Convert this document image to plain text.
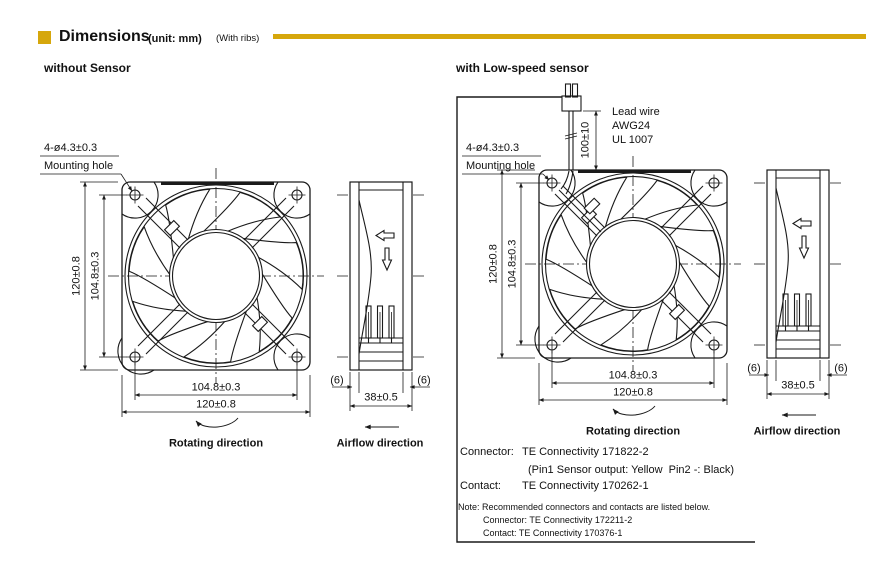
Dimensions
(unit: mm) (With ribs)
without Sensor	with Low-speed sensor
4-ø4.3±0.3
Mounting hole
120±0.8 104.8±0.3
104.8±0.3
120±0.8
Rotating direction
(6)	(6)
38±0.5
Airflow direction
4-ø4.3±0.3
Mounting hole
100±10
Lead wire
AWG24
UL 1007
120±0.8 104.8±0.3
104.8±0.3
120±0.8
Rotating direction
(6)	(6)
38±0.5
Airflow direction
Connector: TE Connectivity 171822-2
(Pin1 Sensor output: Yellow  Pin2 -: Black)
Contact: TE Connectivity 170262-1
Note: Recommended connectors and contacts are listed below.
Connector: TE Connectivity 172211-2
Contact: TE Connectivity 170376-1
